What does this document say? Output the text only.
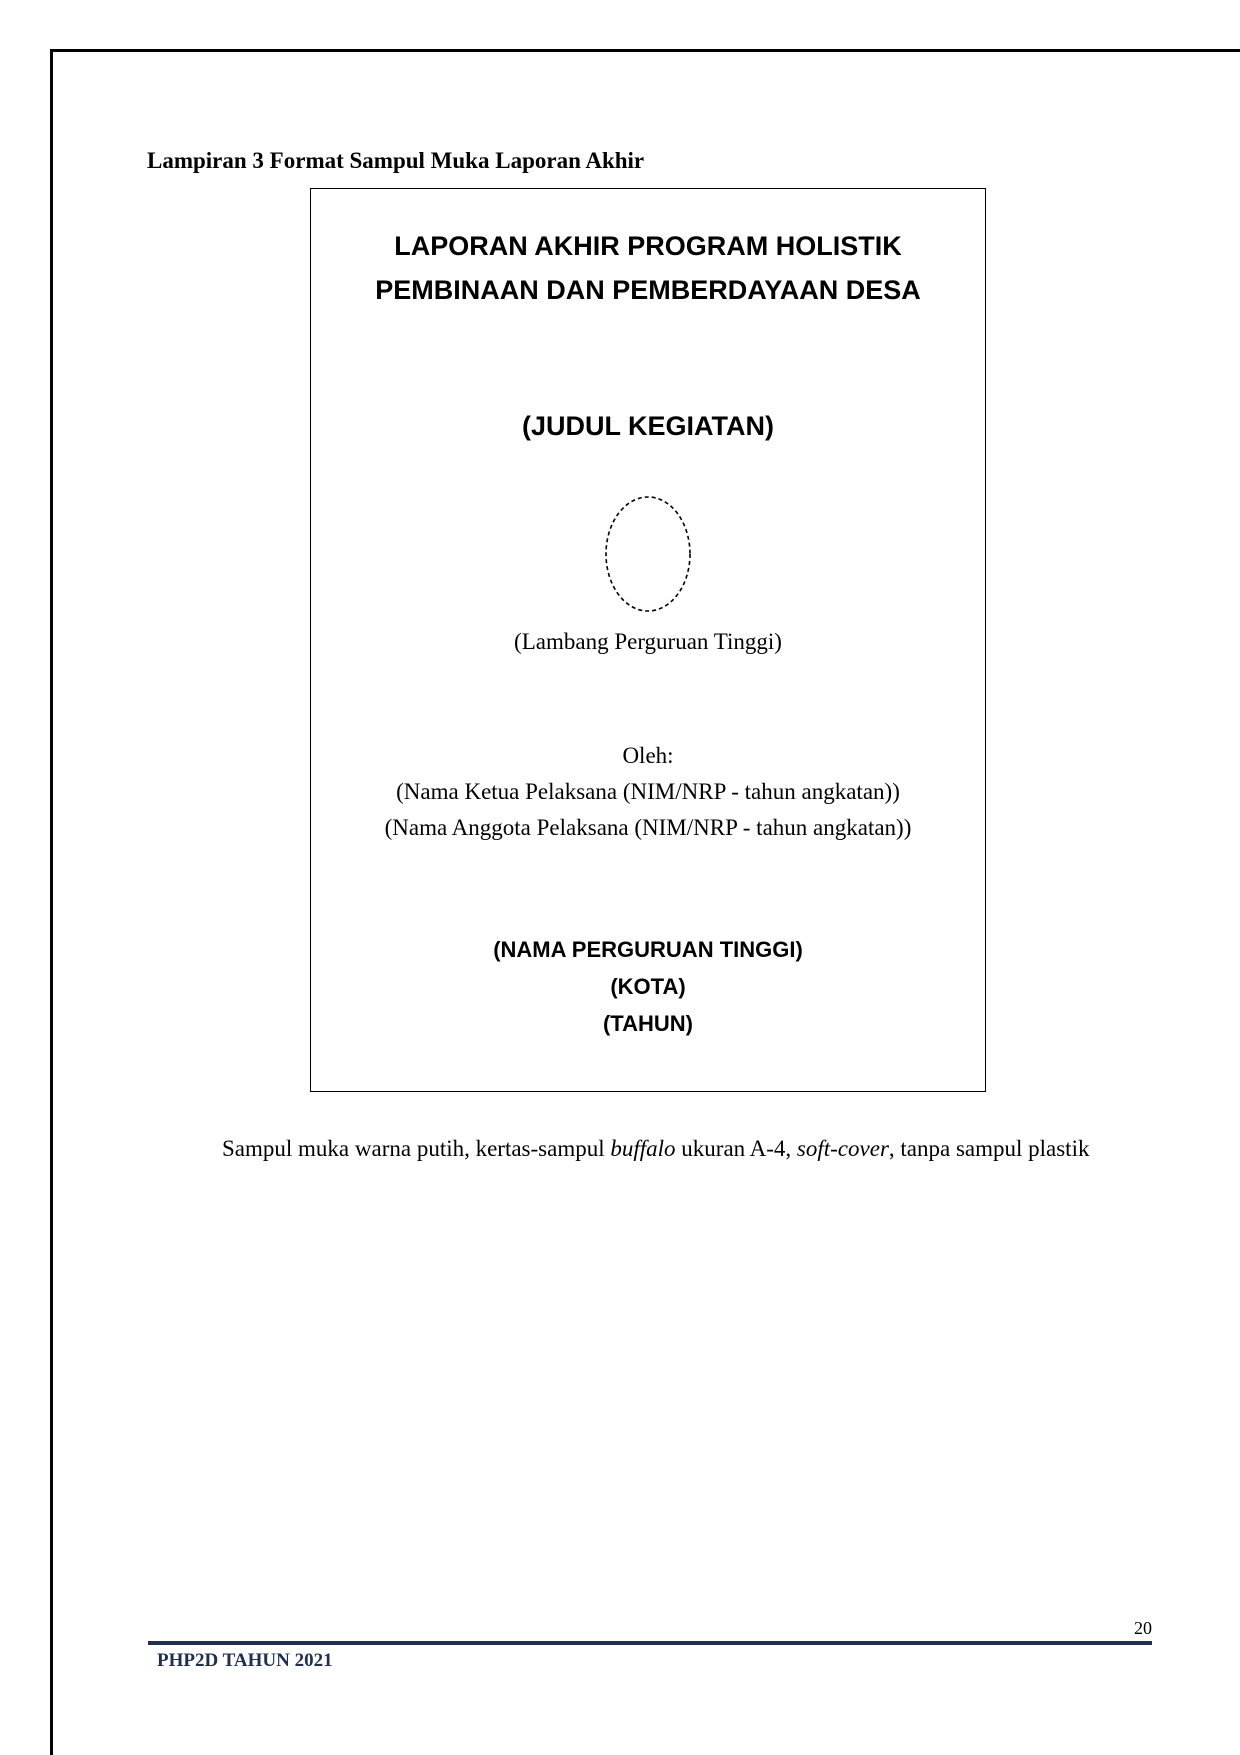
Lampiran 3 Format Sampul Muka Laporan Akhir
LAPORAN AKHIR PROGRAM HOLISTIK
PEMBINAAN DAN PEMBERDAYAAN DESA
(JUDUL KEGIATAN)
(Lambang Perguruan Tinggi)
Oleh:
(Nama Ketua Pelaksana (NIM/NRP - tahun angkatan))
(Nama Anggota Pelaksana (NIM/NRP - tahun angkatan))
(NAMA PERGURUAN TINGGI)
(KOTA)
(TAHUN)
Sampul muka warna putih, kertas-sampul buffalo ukuran A-4, soft-cover, tanpa sampul plastik
20
PHP2D TAHUN 2021
